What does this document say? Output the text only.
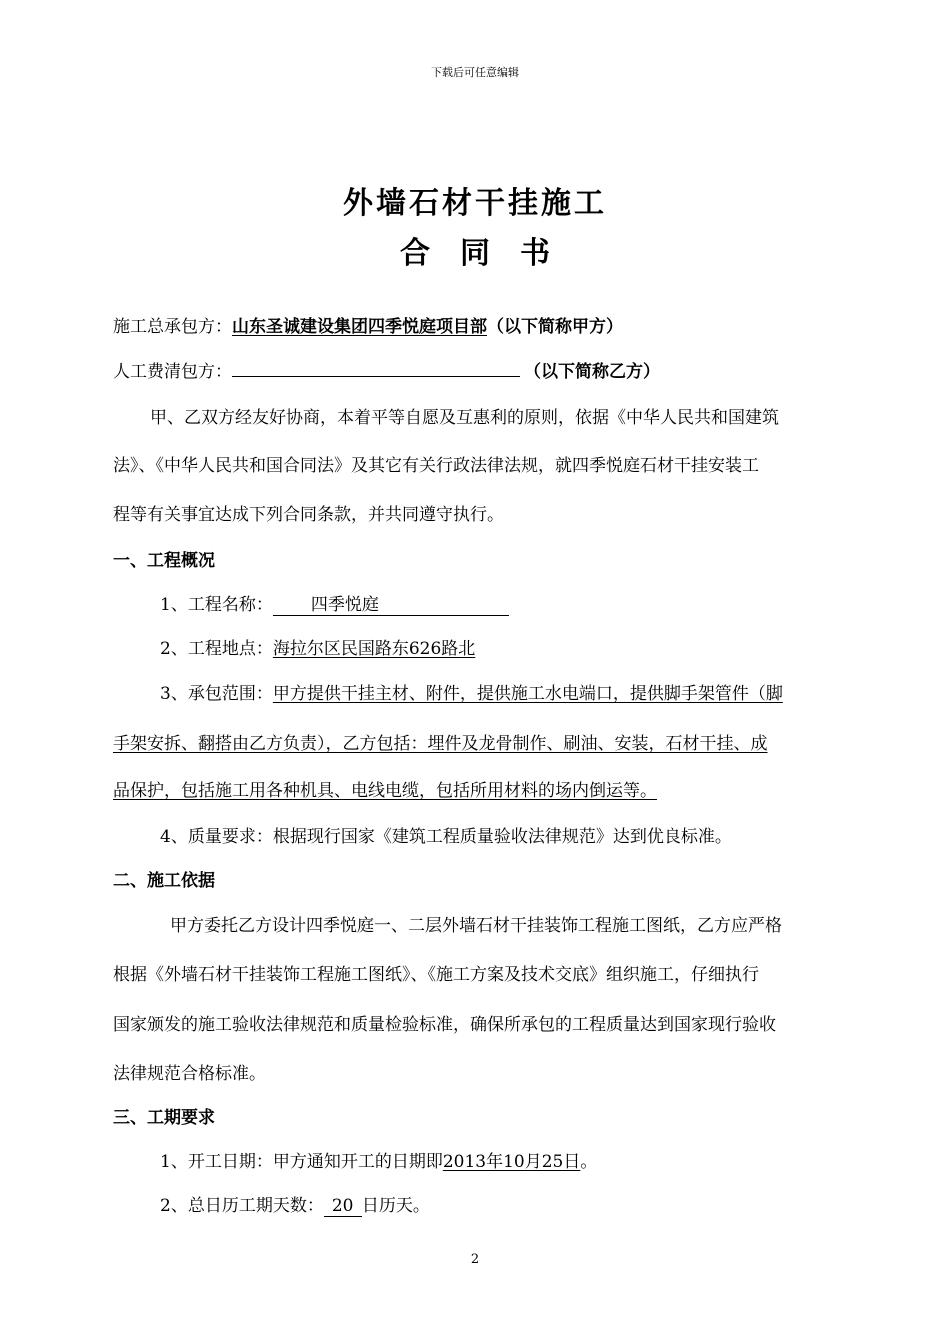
下载后可任意编辑
外墙石材干挂施工
合同书
施工总承包方：山东圣诚建设集团四季悦庭项目部（以下简称甲方）
人工费清包方：	（以下简称乙方）
甲、乙双方经友好协商，本着平等自愿及互惠利的原则，依据《中华人民共和国建筑
法》、《中华人民共和国合同法》及其它有关行政法律法规，就四季悦庭石材干挂安装工
程等有关事宜达成下列合同条款，并共同遵守执行。
一、工程概况
1、工程名称： 四季悦庭
2、工程地点：海拉尔区民国路东626路北
3、承包范围：甲方提供干挂主材、附件，提供施工水电端口，提供脚手架管件（脚
手架安拆、翻搭由乙方负责），乙方包括：埋件及龙骨制作、刷油、安装，石材干挂、成
品保护，包括施工用各种机具、电线电缆，包括所用材料的场内倒运等。
4、质量要求：根据现行国家《建筑工程质量验收法律规范》达到优良标准。
二、施工依据
甲方委托乙方设计四季悦庭一、二层外墙石材干挂装饰工程施工图纸，乙方应严格
根据《外墙石材干挂装饰工程施工图纸》、《施工方案及技术交底》组织施工，仔细执行
国家颁发的施工验收法律规范和质量检验标准，确保所承包的工程质量达到国家现行验收
法律规范合格标准。
三、工期要求
1、开工日期：甲方通知开工的日期即2013年10月25日。
2、总日历工期天数： 20 日历天。
2
